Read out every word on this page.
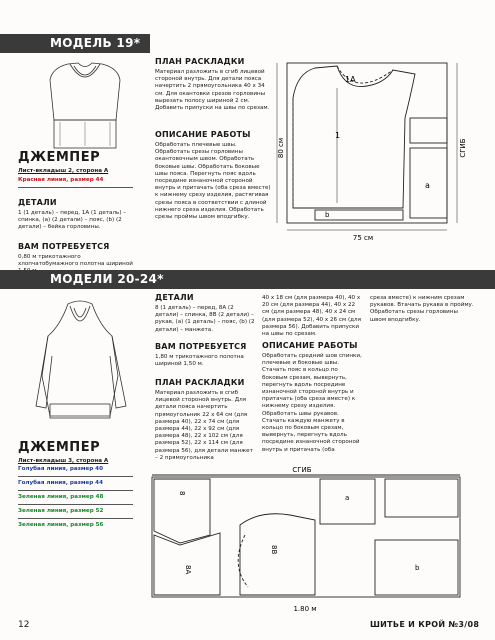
МОДЕЛЬ 19*
ДЖЕМПЕР
Лист-вкладыш 2, сторона А
Красная линия, размер 44
ДЕТАЛИ
1 (1 деталь) – перед, 1А (1 деталь) – спинка, (а) (2 детали) – пояс, (b) (2 детали) – бейка горловины.
ВАМ ПОТРЕБУЕТСЯ
0,80 м трикотажного хлопчатобумажного полотна шириной
ПЛАН РАСКЛАДКИ
Материал разложить в сгиб лицевой стороной внутрь. Для детали пояса начертить 2 прямоугольника 40 х 34 см. Для окантовки срезов горловины вырезать полосу шириной 2 см. Добавить припуски на швы по срезам.
ОПИСАНИЕ РАБОТЫ
Обработать плечевые швы. Обработать срезы горловины окантовочным швом. Обработать боковые швы. Обработать боковые швы пояса. Перегнуть пояс вдоль посредине изнаночной стороной внутрь и притачать (оба среза вместе) к нижнему срезу изделия, растягивая срезы пояса в соответствии с длиной нижнего среза изделия. Обработать срезы проймы швом вподгибку.
1А
1
a
b
75 см
80 см	СГИБ
МОДЕЛИ 20-24*
ДЖЕМПЕР
Лист-вкладыш 3, сторона А
Голубая линия, размер 40
Голубая линия, размер 44
Зеленая линия, размер 48
Зеленая линия, размер 52
Зеленая линия, размер 56
ДЕТАЛИ
8 (1 деталь) – перед, 8А (2 детали) – спинка, 8В (2 детали) – рукав, (а) (1 деталь) – пояс, (b) (2 детали) – манжета.
ВАМ ПОТРЕБУЕТСЯ
1,80 м трикотажного полотна шириной 1,50 м.
ПЛАН РАСКЛАДКИ
Материал разложить в сгиб лицевой стороной внутрь. Для детали пояса начертить прямоугольник 22 х 64 см (для размера 40), 22 х 74 см (для размера 44), 22 х 92 см (для размера 48), 22 х 102 см (для размера 52), 22 х 114 см (для размера 56), для детали манжет – 2 прямоугольника
40 х 18 см (для размера 40), 40 х 20 см (для размера 44), 40 х 22 см (для размера 48), 40 х 24 см (для размера 52), 40 х 26 см (для размера 56). Добавить припуски на швы по срезам.
ОПИСАНИЕ РАБОТЫ
Обработать средний шов спинки, плечевые и боковые швы. Стачать пояс в кольцо по боковым срезам, вывернуть, перегнуть вдоль посредине изнаночной стороной внутрь и притачать (оба среза вместе) к нижнему срезу изделия. Обработать швы рукавов. Стачать каждую манжету в кольцо по боковым срезам, вывернуть, перегнуть вдоль посредине изнаночной стороной внутрь и притачать (оба
среза вместе) к нижним срезам рукавов. Втачать рукава в пройму. Обработать срезы горловины швом вподгибку.
8
8А
8В
a
b
СГИБ
1.80 м
12	ШИТЬЕ И КРОЙ №3/08
